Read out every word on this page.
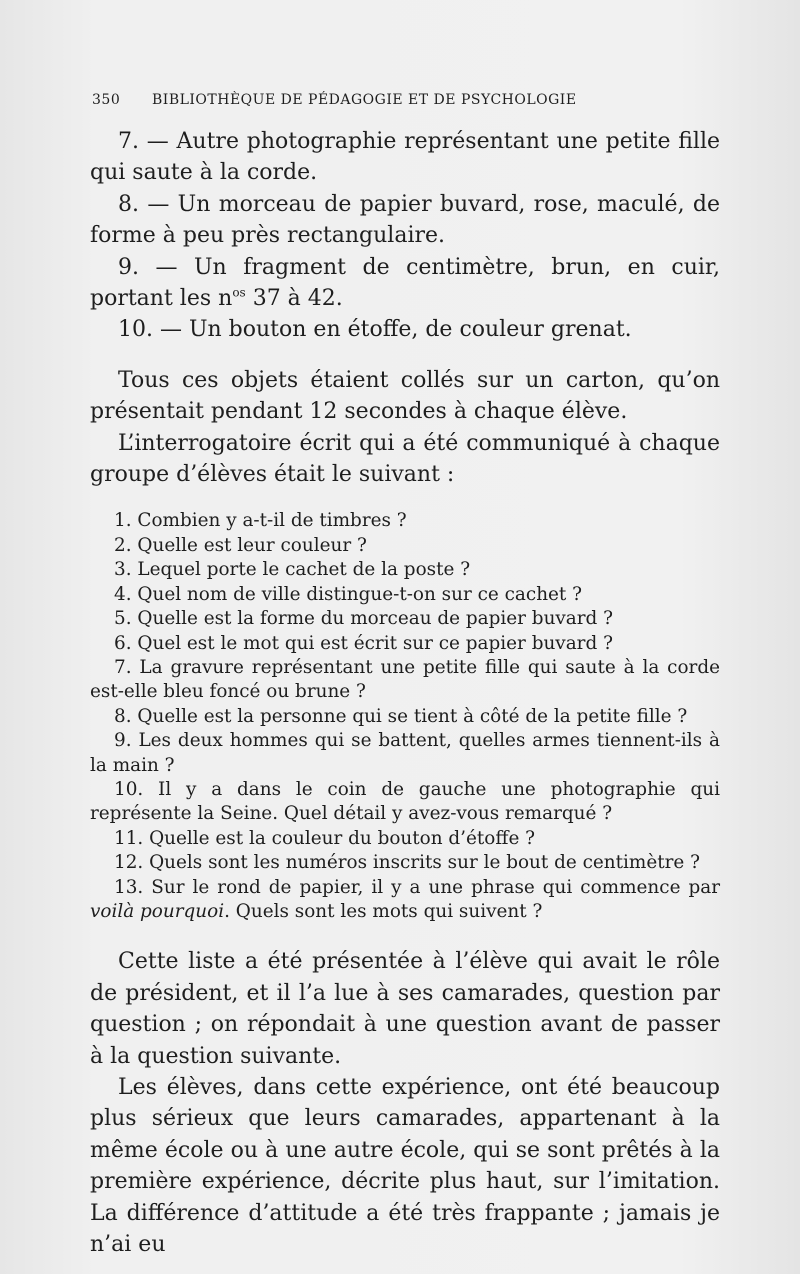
350	BIBLIOTHÈQUE DE PÉDAGOGIE ET DE PSYCHOLOGIE

7. — Autre photographie représentant une petite fille qui saute à la corde.

8. — Un morceau de papier buvard, rose, maculé, de forme à peu près rectangulaire.

9. — Un fragment de centimètre, brun, en cuir, portant les $n^{os}$ 37 à 42.

10. — Un bouton en étoffe, de couleur grenat.

Tous ces objets étaient collés sur un carton, qu’on présentait pendant 12 secondes à chaque élève.

L’interrogatoire écrit qui a été communiqué à chaque groupe d’élèves était le suivant :

1. Combien y a-t-il de timbres ?

2. Quelle est leur couleur ?

3. Lequel porte le cachet de la poste ?

4. Quel nom de ville distingue-t-on sur ce cachet ?

5. Quelle est la forme du morceau de papier buvard ?

6. Quel est le mot qui est écrit sur ce papier buvard ?

7. La gravure représentant une petite fille qui saute à la corde est-elle bleu foncé ou brune ?

8. Quelle est la personne qui se tient à côté de la petite fille ?

9. Les deux hommes qui se battent, quelles armes tiennent-ils à la main ?

10. Il y a dans le coin de gauche une photographie qui représente la Seine. Quel détail y avez-vous remarqué ?

11. Quelle est la couleur du bouton d’étoffe ?

12. Quels sont les numéros inscrits sur le bout de centimètre ?

13. Sur le rond de papier, il y a une phrase qui commence par voilà pourquoi. Quels sont les mots qui suivent ?

Cette liste a été présentée à l’élève qui avait le rôle de président, et il l’a lue à ses camarades, question par question ; on répondait à une question avant de passer à la question suivante.

Les élèves, dans cette expérience, ont été beaucoup plus sérieux que leurs camarades, appartenant à la même école ou à une autre école, qui se sont prêtés à la première expérience, décrite plus haut, sur l’imitation. La différence d’attitude a été très frappante ; jamais je n’ai eu
